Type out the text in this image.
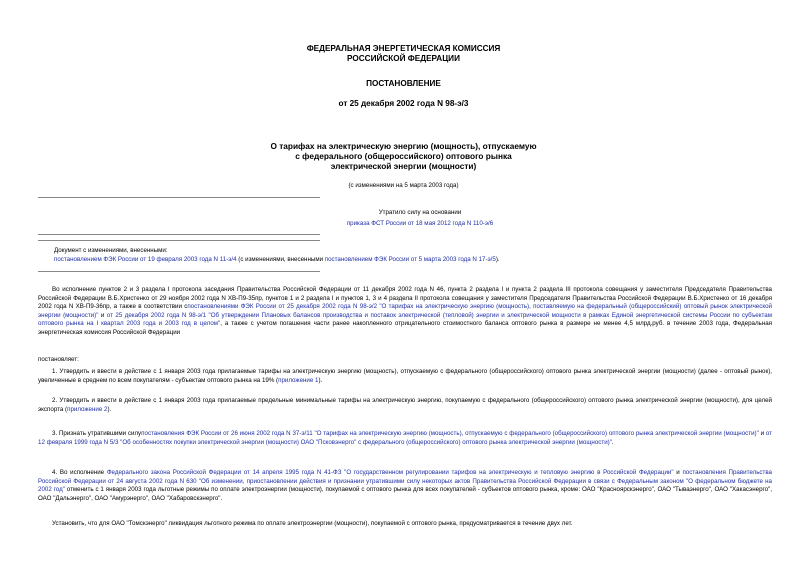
ФЕДЕРАЛЬНАЯ ЭНЕРГЕТИЧЕСКАЯ КОМИССИЯ
РОССИЙСКОЙ ФЕДЕРАЦИИ
ПОСТАНОВЛЕНИЕ
от 25 декабря 2002 года N 98-э/3
О тарифах на электрическую энергию (мощность), отпускаемую
с федерального (общероссийского) оптового рынка
электрической энергии (мощности)
(с изменениями на 5 марта 2003 года)
Утратило силу на основании
приказа ФСТ России от 18 мая 2012 года N 110-э/6
Документ с изменениями, внесенными:
постановлением ФЭК России от 19 февраля 2003 года N 11-э/4 (с изменениями, внесенными постановлением ФЭК России от 5 марта 2003 года N 17-э/5).
Во исполнение пунктов 2 и 3 раздела I протокола заседания Правительства Российской Федерации от 11 декабря 2002 года N 46, пункта 2 раздела I и пункта 2 раздела III протокола совещания у заместителя Председателя Правительства Российской Федерации В.Б.Христенко от 29 ноября 2002 года N ХВ-П9-35пр, пунктов 1 и 2 раздела I и пунктов 1, 3 и 4 раздела II протокола совещания у заместителя Председателя Правительства Российской Федерации В.Б.Христенко от 16 декабря 2002 года N ХВ-П9-36пр, а также в соответствии спостановлениями ФЭК России от 25 декабря 2002 года N 98-э/2 "О тарифах на электрическую энергию (мощность), поставляемую на федеральный (общероссийский) оптовый рынок электрической энергии (мощности)" и от 25 декабря 2002 года N 98-э/1 "Об утверждении Плановых балансов производства и поставок электрической (тепловой) энергии и электрической мощности в рамках Единой энергетической системы России по субъектам оптового рынка на I квартал 2003 года и 2003 год в целом", а также с учетом погашения части ранее накопленного отрицательного стоимостного баланса оптового рынка в размере не менее 4,5 млрд.руб. в течение 2003 года, Федеральная энергетическая комиссия Российской Федерации
постановляет:
1. Утвердить и ввести в действие с 1 января 2003 года прилагаемые тарифы на электрическую энергию (мощность), отпускаемую с федерального (общероссийского) оптового рынка электрической энергии (мощности) (далее - оптовый рынок), увеличенные в среднем по всем покупателям - субъектам оптового рынка на 19% (приложение 1).
2. Утвердить и ввести в действие с 1 января 2003 года прилагаемые предельные минимальные тарифы на электрическую энергию, покупаемую с федерального (общероссийского) оптового рынка электрической энергии (мощности), для целей экспорта (приложение 2).
3. Признать утратившими силупостановления ФЭК России от 26 июня 2002 года N 37-э/11 "О тарифах на электрическую энергию (мощность), отпускаемую с федерального (общероссийского) оптового рынка электрической энергии (мощности)" и от 12 февраля 1999 года N 5/3 "Об особенностях покупки электрической энергии (мощности) ОАО "Псковэнерго" с федерального (общероссийского) оптового рынка электрической энергии (мощности)".
4. Во исполнение Федерального закона Российской Федерации от 14 апреля 1995 года N 41-ФЗ "О государственном регулировании тарифов на электрическую и тепловую энергию в Российской Федерации" и постановления Правительства Российской Федерации от 24 августа 2002 года N 630 "Об изменении, приостановлении действия и признании утратившими силу некоторых актов Правительства Российской Федерации в связи с Федеральным законом "О федеральном бюджете на 2002 год" отменить с 1 января 2003 года льготные режимы по оплате электроэнергии (мощности), покупаемой с оптового рынка для всех покупателей - субъектов оптового рынка, кроме: ОАО "Красноярскэнерго", ОАО "Тываэнерго", ОАО "Хакасэнерго", ОАО "Дальэнерго", ОАО "Амурэнерго", ОАО "Хабаровскэнерго".
Установить, что для ОАО "Томскэнерго" ликвидация льготного режима по оплате электроэнергии (мощности), покупаемой с оптового рынка, предусматривается в течение двух лет.
